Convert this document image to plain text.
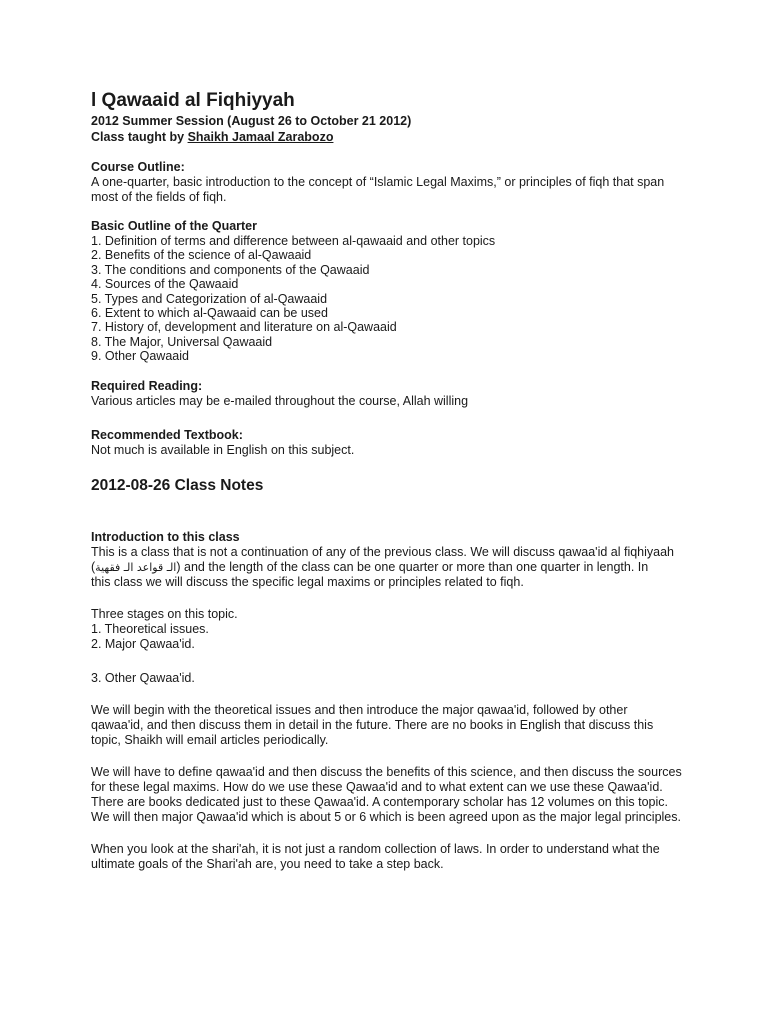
l Qawaaid al Fiqhiyyah

2012 Summer Session (August 26 to October 21 2012)

Class taught by Shaikh Jamaal Zarabozo

Course Outline:

A one-quarter, basic introduction to the concept of “Islamic Legal Maxims,” or principles of fiqh that span most of the fields of fiqh.

Basic Outline of the Quarter

1. Definition of terms and difference between al-qawaaid and other topics
2. Benefits of the science of al-Qawaaid
3. The conditions and components of the Qawaaid
4. Sources of the Qawaaid
5. Types and Categorization of al-Qawaaid
6. Extent to which al-Qawaaid can be used
7. History of, development and literature on al-Qawaaid
8. The Major, Universal Qawaaid
9. Other Qawaaid

Required Reading:

Various articles may be e-mailed throughout the course, Allah willing

Recommended Textbook:

Not much is available in English on this subject.

2012-08-26 Class Notes

Introduction to this class

This is a class that is not a continuation of any of the previous class. We will discuss qawaa'id al fiqhiyaah

(الـ قواعد الـ فقهية) and the length of the class can be one quarter or more than one quarter in length. In

this class we will discuss the specific legal maxims or principles related to fiqh.

Three stages on this topic.

1. Theoretical issues.

2. Major Qawaa'id.

3. Other Qawaa'id.

We will begin with the theoretical issues and then introduce the major qawaa'id, followed by other qawaa'id, and then discuss them in detail in the future. There are no books in English that discuss this topic, Shaikh will email articles periodically.

We will have to define qawaa'id and then discuss the benefits of this science, and then discuss the sources for these legal maxims. How do we use these Qawaa'id and to what extent can we use these Qawaa'id. There are books dedicated just to these Qawaa'id. A contemporary scholar has 12 volumes on this topic. We will then major Qawaa'id which is about 5 or 6 which is been agreed upon as the major legal principles.

When you look at the shari'ah, it is not just a random collection of laws. In order to understand what the ultimate goals of the Shari'ah are, you need to take a step back.
